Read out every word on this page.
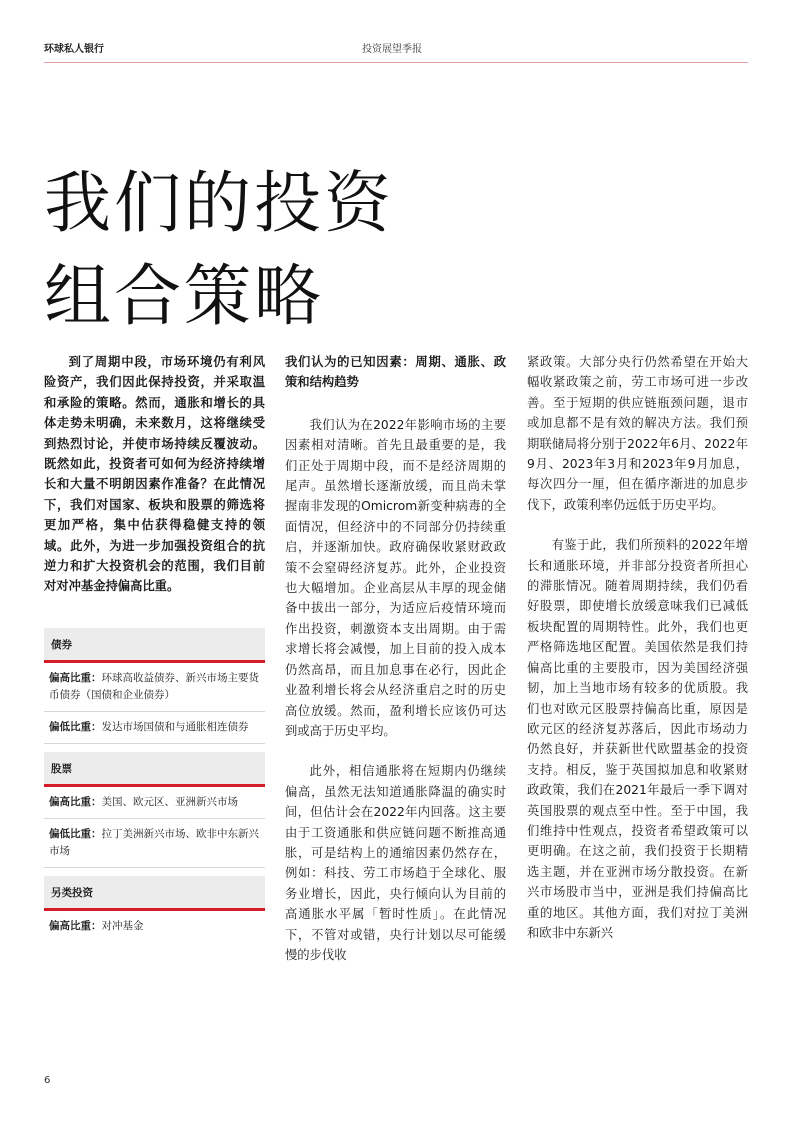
环球私人银行	投资展望季报
我们的投资
组合策略
到了周期中段，市场环境仍有利风险资产，我们因此保持投资，并采取温和承险的策略。然而，通胀和增长的具体走势未明确，未来数月，这将继续受到热烈讨论，并使市场持续反覆波动。既然如此，投资者可如何为经济持续增长和大量不明朗因素作准备？在此情况下，我们对国家、板块和股票的筛选将更加严格，集中估获得稳健支持的领域。此外，为进一步加强投资组合的抗逆力和扩大投资机会的范围，我们目前对对冲基金持偏高比重。
债券
偏高比重：环球高收益债券、新兴市场主要货币债券（国债和企业债券）
偏低比重：发达市场国债和与通胀相连债券
股票
偏高比重：美国、欧元区、亚洲新兴市场
偏低比重：拉丁美洲新兴市场、欧非中东新兴市场
另类投资
偏高比重：对冲基金
我们认为的已知因素：周期、通胀、政策和结构趋势

我们认为在2022年影响市场的主要因素相对清晰。首先且最重要的是，我们正处于周期中段，而不是经济周期的尾声。虽然增长逐渐放缓，而且尚未掌握南非发现的Omicrom新变种病毒的全面情况，但经济中的不同部分仍持续重启，并逐渐加快。政府确保收紧财政政策不会窒碍经济复苏。此外，企业投资也大幅增加。企业高层从丰厚的现金储备中拔出一部分，为适应后疫情环境而作出投资，刺激资本支出周期。由于需求增长将会减慢，加上目前的投入成本仍然高昂，而且加息事在必行，因此企业盈利增长将会从经济重启之时的历史高位放缓。然而，盈利增长应该仍可达到或高于历史平均。

此外，相信通胀将在短期内仍继续偏高，虽然无法知道通胀降温的确实时间，但估计会在2022年内回落。这主要由于工资通胀和供应链问题不断推高通胀，可是结构上的通缩因素仍然存在，例如：科技、劳工市场趋于全球化、服务业增长，因此，央行倾向认为目前的高通胀水平属「暂时性质」。在此情况下，不管对或错，央行计划以尽可能缓慢的步伐收

紧政策。大部分央行仍然希望在开始大幅收紧政策之前，劳工市场可进一步改善。至于短期的供应链瓶颈问题，退市或加息都不是有效的解决方法。我们预期联储局将分别于2022年6月、2022年9月、2023年3月和2023年9月加息，每次四分一厘，但在循序渐进的加息步伐下，政策利率仍远低于历史平均。

有鉴于此，我们所预料的2022年增长和通胀环境，并非部分投资者所担心的滞胀情况。随着周期持续，我们仍看好股票，即使增长放缓意味我们已减低板块配置的周期特性。此外，我们也更严格筛选地区配置。美国依然是我们持偏高比重的主要股市，因为美国经济强韧，加上当地市场有较多的优质股。我们也对欧元区股票持偏高比重，原因是欧元区的经济复苏落后，因此市场动力仍然良好，并获新世代欧盟基金的投资支持。相反，鉴于英国拟加息和收紧财政政策，我们在2021年最后一季下调对英国股票的观点至中性。至于中国，我们维持中性观点，投资者希望政策可以更明确。在这之前，我们投资于长期精选主题，并在亚洲市场分散投资。在新兴市场股市当中，亚洲是我们持偏高比重的地区。其他方面，我们对拉丁美洲和欧非中东新兴

6
